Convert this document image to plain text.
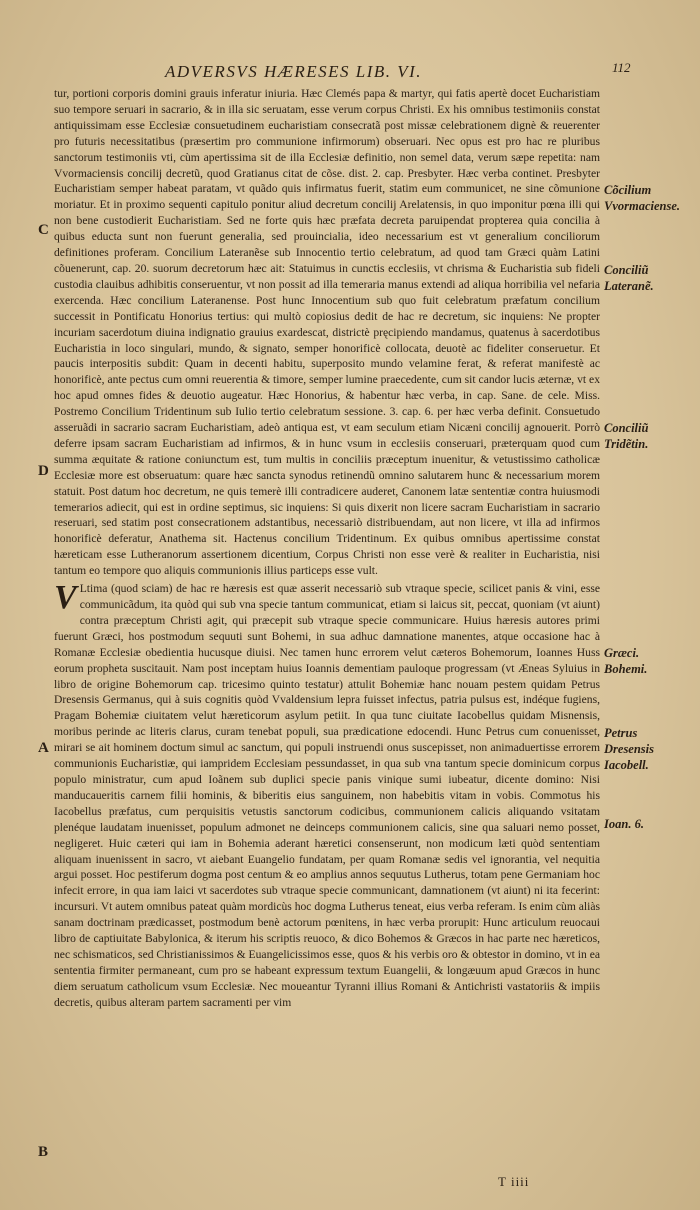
ADVERSVS HÆRESES LIB. VI.	112

tur, portioni corporis domini grauis inferatur iniuria. Hæc Clemés papa & martyr, qui fatis apertè docet Eucharistiam suo tempore seruari in sacrario, & in illa sic seruatam, esse verum corpus Christi. Ex his omnibus testimoniis constat antiquissimam esse Ecclesiæ consuetudinem eucharistiam consecratã post missæ celebrationem dignè & reuerenter pro futuris necessitatibus (præsertim pro communione infirmorum) obseruari. Nec opus est pro hac re pluribus sanctorum testimoniis vti, cùm apertissima sit de illa Ecclesiæ definitio, non semel data, verum sæpe repetita: nam Vvormaciensis concilij decretũ, quod Gratianus citat de cõse. dist. 2. cap. Presbyter. Hæc verba continet. Presbyter Eucharistiam semper habeat paratam, vt quãdo quis infirmatus fuerit, statim eum communicet, ne sine cõmunione moriatur. Et in proximo sequenti capitulo ponitur aliud decretum concilij Arelatensis, in quo imponitur pœna illi qui non bene custodierit Eucharistiam. Sed ne forte quis hæc præfata decreta paruipendat propterea quia concilia à quibus educta sunt non fuerunt generalia, sed prouincialia, ideo necessarium est vt generalium conciliorum definitiones proferam. Concilium Lateranẽse sub Innocentio tertio celebratum, ad quod tam Græci quàm Latini cõuenerunt, cap. 20. suorum decretorum hæc ait: Statuimus in cunctis ecclesiis, vt chrisma & Eucharistia sub fideli custodia clauibus adhibitis conseruentur, vt non possit ad illa temeraria manus extendi ad aliqua horribilia vel nefaria exercenda. Hæc concilium Lateranense. Post hunc Innocentium sub quo fuit celebratum præfatum concilium successit in Pontificatu Honorius tertius: qui multò copiosius dedit de hac re decretum, sic inquiens: Ne propter incuriam sacerdotum diuina indignatio grauius exardescat, districtè pręcipiendo mandamus, quatenus à sacerdotibus Eucharistia in loco singulari, mundo, & signato, semper honorificè collocata, deuotè ac fideliter conseruetur. Et paucis interpositis subdit: Quam in decenti habitu, superposito mundo velamine ferat, & referat manifestè ac honorificè, ante pectus cum omni reuerentia & timore, semper lumine praecedente, cum sit candor lucis æternæ, vt ex hoc apud omnes fides & deuotio augeatur. Hæc Honorius, & habentur hæc verba, in cap. Sane. de cele. Miss. Postremo Concilium Tridentinum sub Iulio tertio celebratum sessione. 3. cap. 6. per hæc verba definit. Consuetudo asseruãdi in sacrario sacram Eucharistiam, adeò antiqua est, vt eam seculum etiam Nicæni concilij agnouerit. Porrò deferre ipsam sacram Eucharistiam ad infirmos, & in hunc vsum in ecclesiis conseruari, præterquam quod cum summa æquitate & ratione coniunctum est, tum multis in conciliis præceptum inuenitur, & vetustissimo catholicæ Ecclesiæ more est obseruatum: quare hæc sancta synodus retinendũ omnino salutarem hunc & necessarium morem statuit. Post datum hoc decretum, ne quis temerè illi contradicere auderet, Canonem latæ sententiæ contra huiusmodi temerarios adiecit, qui est in ordine septimus, sic inquiens: Si quis dixerit non licere sacram Eucharistiam in sacrario reseruari, sed statim post consecrationem adstantibus, necessariò distribuendam, aut non licere, vt illa ad infirmos honorificè deferatur, Anathema sit. Hactenus concilium Tridentinum. Ex quibus omnibus apertissime constat hæreticam esse Lutheranorum assertionem dicentium, Corpus Christi non esse verè & realiter in Eucharistia, nisi tantum eo tempore quo aliquis communionis illius particeps esse vult.

V Ltima (quod sciam) de hac re hæresis est quæ asserit necessariò sub vtraque specie, scilicet panis & vini, esse communicãdum, ita quòd qui sub vna specie tantum communicat, etiam si laicus sit, peccat, quoniam (vt aiunt) contra præceptum Christi agit, qui præcepit sub vtraque specie communicare. Huius hæresis autores primi fuerunt Græci, hos postmodum sequuti sunt Bohemi, in sua adhuc damnatione manentes, atque occasione hac à Romanæ Ecclesiæ obedientia hucusque diuisi. Nec tamen hunc errorem velut cæteros Bohemorum, Ioannes Huss eorum propheta suscitauit. Nam post inceptam huius Ioannis dementiam pauloque progressam (vt Æneas Syluius in libro de origine Bohemorum cap. tricesimo quinto testatur) attulit Bohemiæ hanc nouam pestem quidam Petrus Dresensis Germanus, qui à suis cognitis quòd Vvaldensium lepra fuisset infectus, patria pulsus est, indéque fugiens, Pragam Bohemiæ ciuitatem velut hæreticorum asylum petiit. In qua tunc ciuitate Iacobellus quidam Misnensis, moribus perinde ac literis clarus, curam tenebat populi, sua prædicatione edocendi. Hunc Petrus cum conuenisset, mirari se ait hominem doctum simul ac sanctum, qui populi instruendi onus suscepisset, non animaduertisse errorem communionis Eucharistiæ, qui iampridem Ecclesiam pessundasset, in qua sub vna tantum specie dominicum corpus populo ministratur, cum apud Ioãnem sub duplici specie panis vinique sumi iubeatur, dicente domino: Nisi manducaueritis carnem filii hominis, & biberitis eius sanguinem, non habebitis vitam in vobis. Commotus his Iacobellus præfatus, cum perquisitis vetustis sanctorum codicibus, communionem calicis aliquando vsitatam plenéque laudatam inuenisset, populum admonet ne deinceps communionem calicis, sine qua saluari nemo posset, negligeret. Huic cæteri qui iam in Bohemia aderant hæretici consenserunt, non modicum læti quòd sententiam aliquam inuenissent in sacro, vt aiebant Euangelio fundatam, per quam Romanæ sedis vel ignorantia, vel nequitia argui posset. Hoc pestiferum dogma post centum & eo amplius annos sequutus Lutherus, totam pene Germaniam hoc infecit errore, in qua iam laici vt sacerdotes sub vtraque specie communicant, damnationem (vt aiunt) ni ita fecerint: incursuri. Vt autem omnibus pateat quàm mordicùs hoc dogma Lutherus teneat, eius verba referam. Is enim cùm aliàs sanam doctrinam prædicasset, postmodum benè actorum pœnitens, in hæc verba prorupit: Hunc articulum reuocaui libro de captiuitate Babylonica, & iterum his scriptis reuoco, & dico Bohemos & Græcos in hac parte nec hæreticos, nec schismaticos, sed Christianissimos & Euangelicissimos esse, quos & his verbis oro & obtestor in domino, vt in ea sententia firmiter permaneant, cum pro se habeant expressum textum Euangelii, & longæuum apud Græcos in hunc diem seruatum catholicum vsum Ecclesiæ. Nec moueantur Tyranni illius Romani & Antichristi vastatoriis & impiis decretis, quibus alteram partem sacramenti per vim

Cõcilium
Vvormaciense.
Conciliũ
Lateranẽ.
Conciliũ
Tridẽtin.
Græci.
Bohemi.
Petrus
Dresensis
Iacobell.
Ioan. 6.
C
D
A
B
T iiii
